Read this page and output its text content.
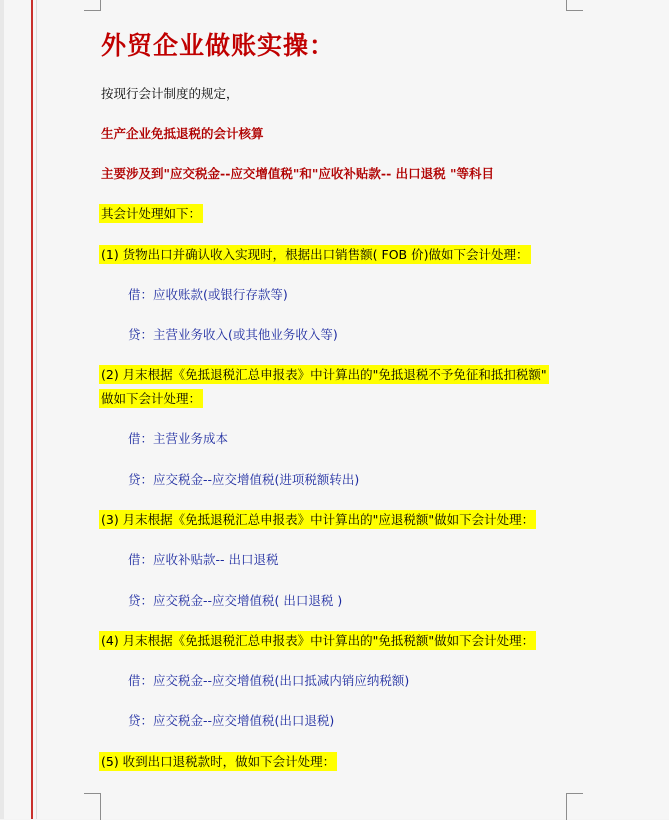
外贸企业做账实操：
按现行会计制度的规定，
生产企业免抵退税的会计核算
主要涉及到"应交税金--应交增值税"和"应收补贴款-- 出口退税 "等科目
其会计处理如下：
(1) 货物出口并确认收入实现时，根据出口销售额( FOB 价)做如下会计处理：
借：应收账款(或银行存款等)
贷：主营业务收入(或其他业务收入等)
(2) 月末根据《免抵退税汇总申报表》中计算出的"免抵退税不予免征和抵扣税额"
做如下会计处理：
借：主营业务成本
贷：应交税金--应交增值税(进项税额转出)
(3) 月末根据《免抵退税汇总申报表》中计算出的"应退税额"做如下会计处理：
借：应收补贴款-- 出口退税
贷：应交税金--应交增值税( 出口退税 )
(4) 月末根据《免抵退税汇总申报表》中计算出的"免抵税额"做如下会计处理：
借：应交税金--应交增值税(出口抵减内销应纳税额)
贷：应交税金--应交增值税(出口退税)
(5) 收到出口退税款时，做如下会计处理：
